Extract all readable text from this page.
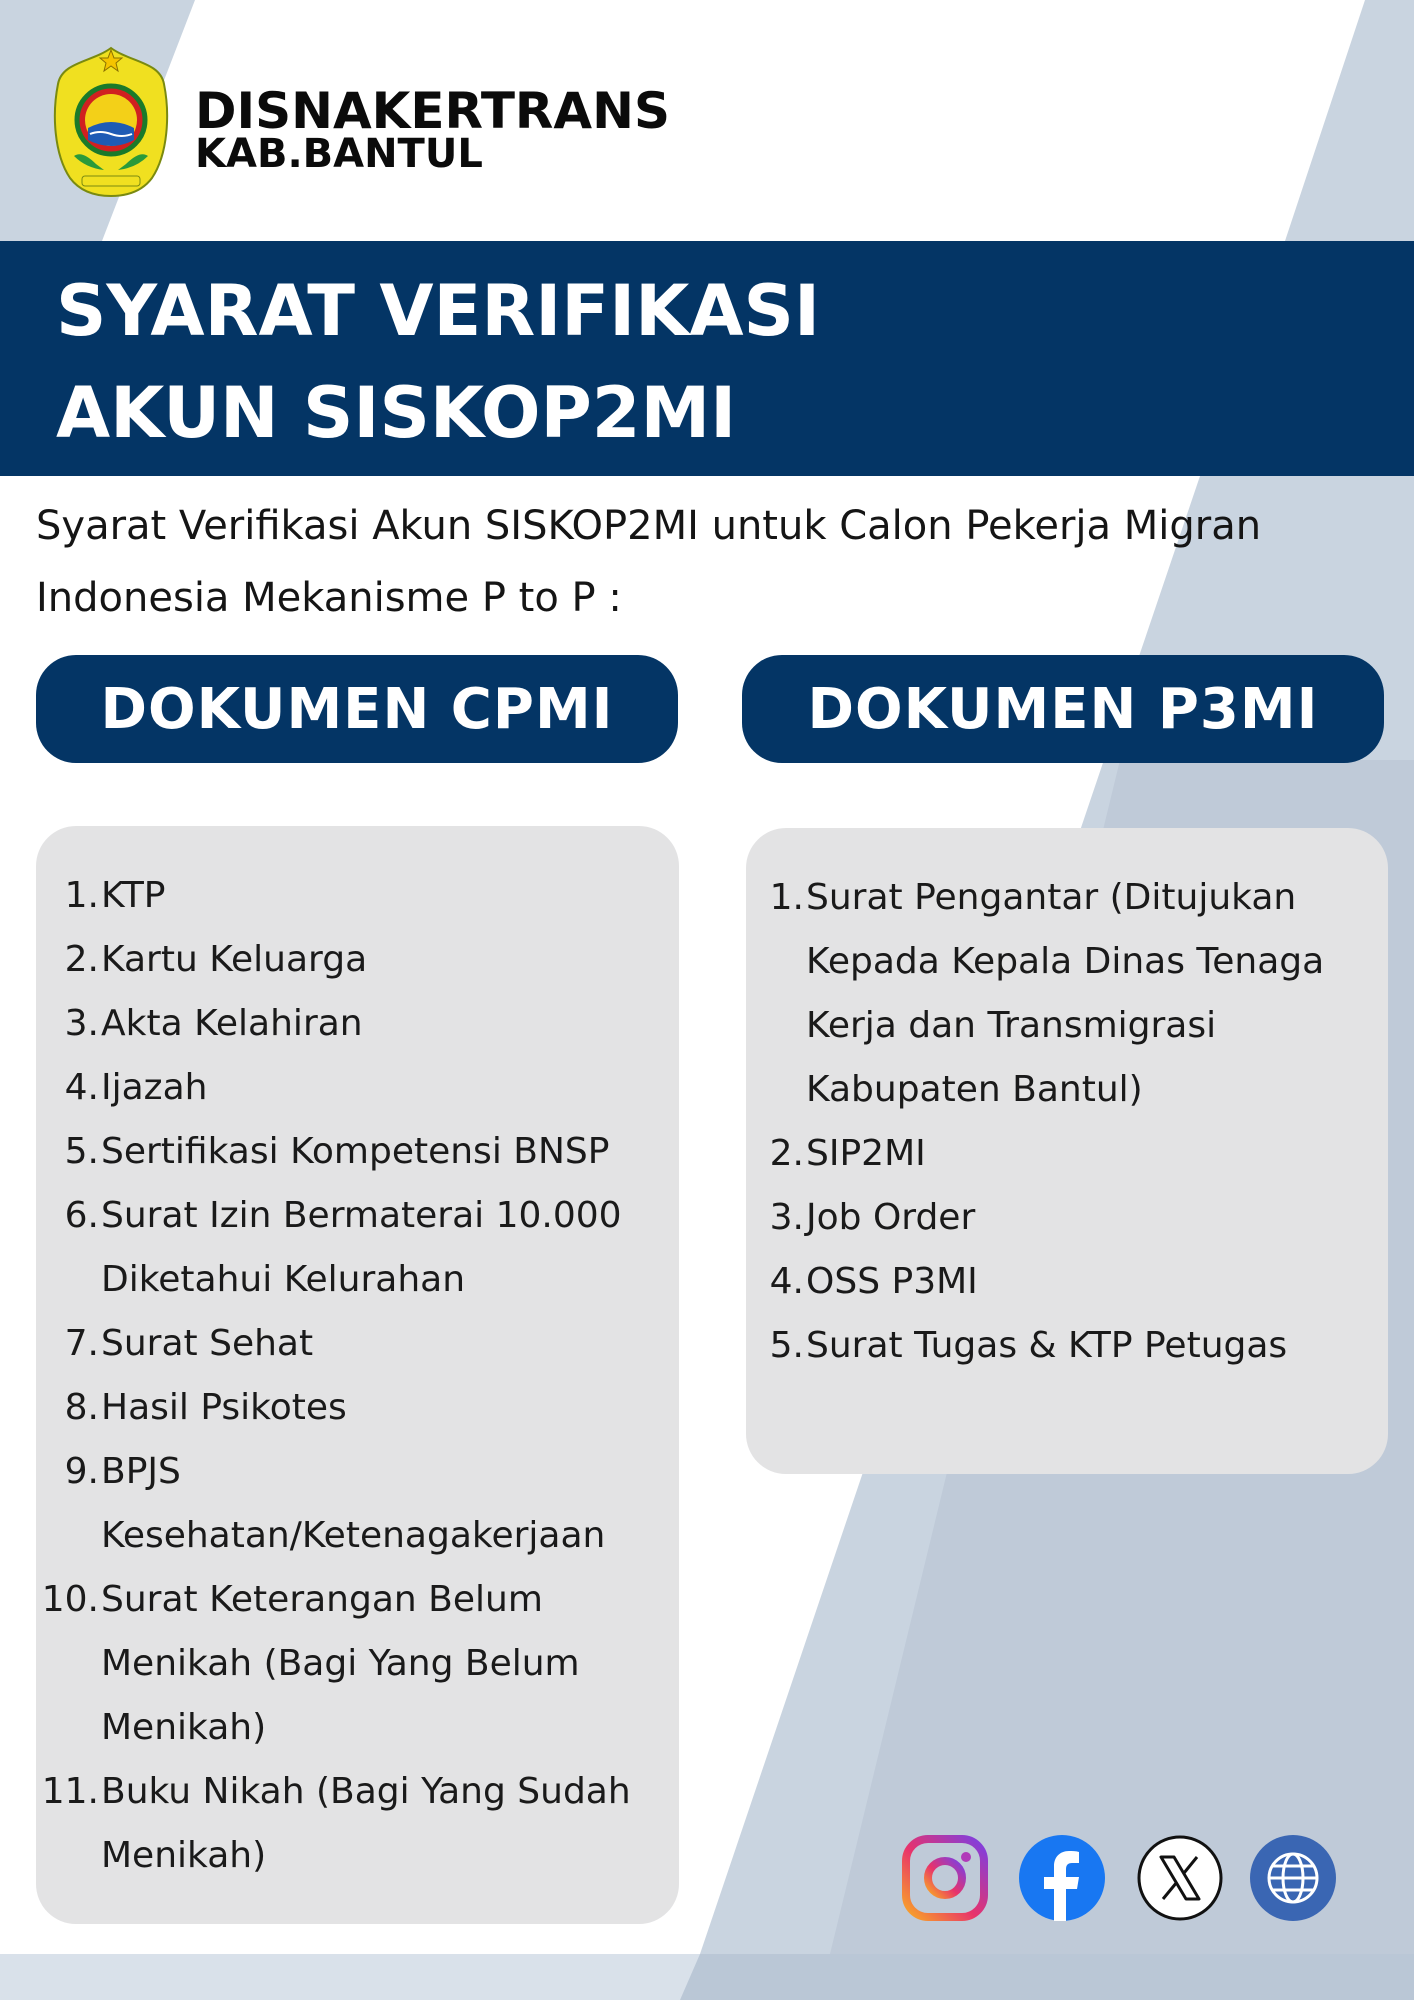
DISNAKERTRANS
KAB.BANTUL
SYARAT VERIFIKASI
AKUN SISKOP2MI
Syarat Verifikasi Akun SISKOP2MI untuk Calon Pekerja Migran Indonesia Mekanisme P to P :
DOKUMEN CPMI	DOKUMEN P3MI
1. KTP
2. Kartu Keluarga
3. Akta Kelahiran
4. Ijazah
5. Sertifikasi Kompetensi BNSP
6. Surat Izin Bermaterai 10.000 Diketahui Kelurahan
7. Surat Sehat
8. Hasil Psikotes
9. BPJS Kesehatan/Ketenagakerjaan
10. Surat Keterangan Belum Menikah (Bagi Yang Belum Menikah)
11. Buku Nikah (Bagi Yang Sudah Menikah)
1. Surat Pengantar (Ditujukan Kepada Kepala Dinas Tenaga Kerja dan Transmigrasi Kabupaten Bantul)
2. SIP2MI
3. Job Order
4. OSS P3MI
5. Surat Tugas & KTP Petugas
